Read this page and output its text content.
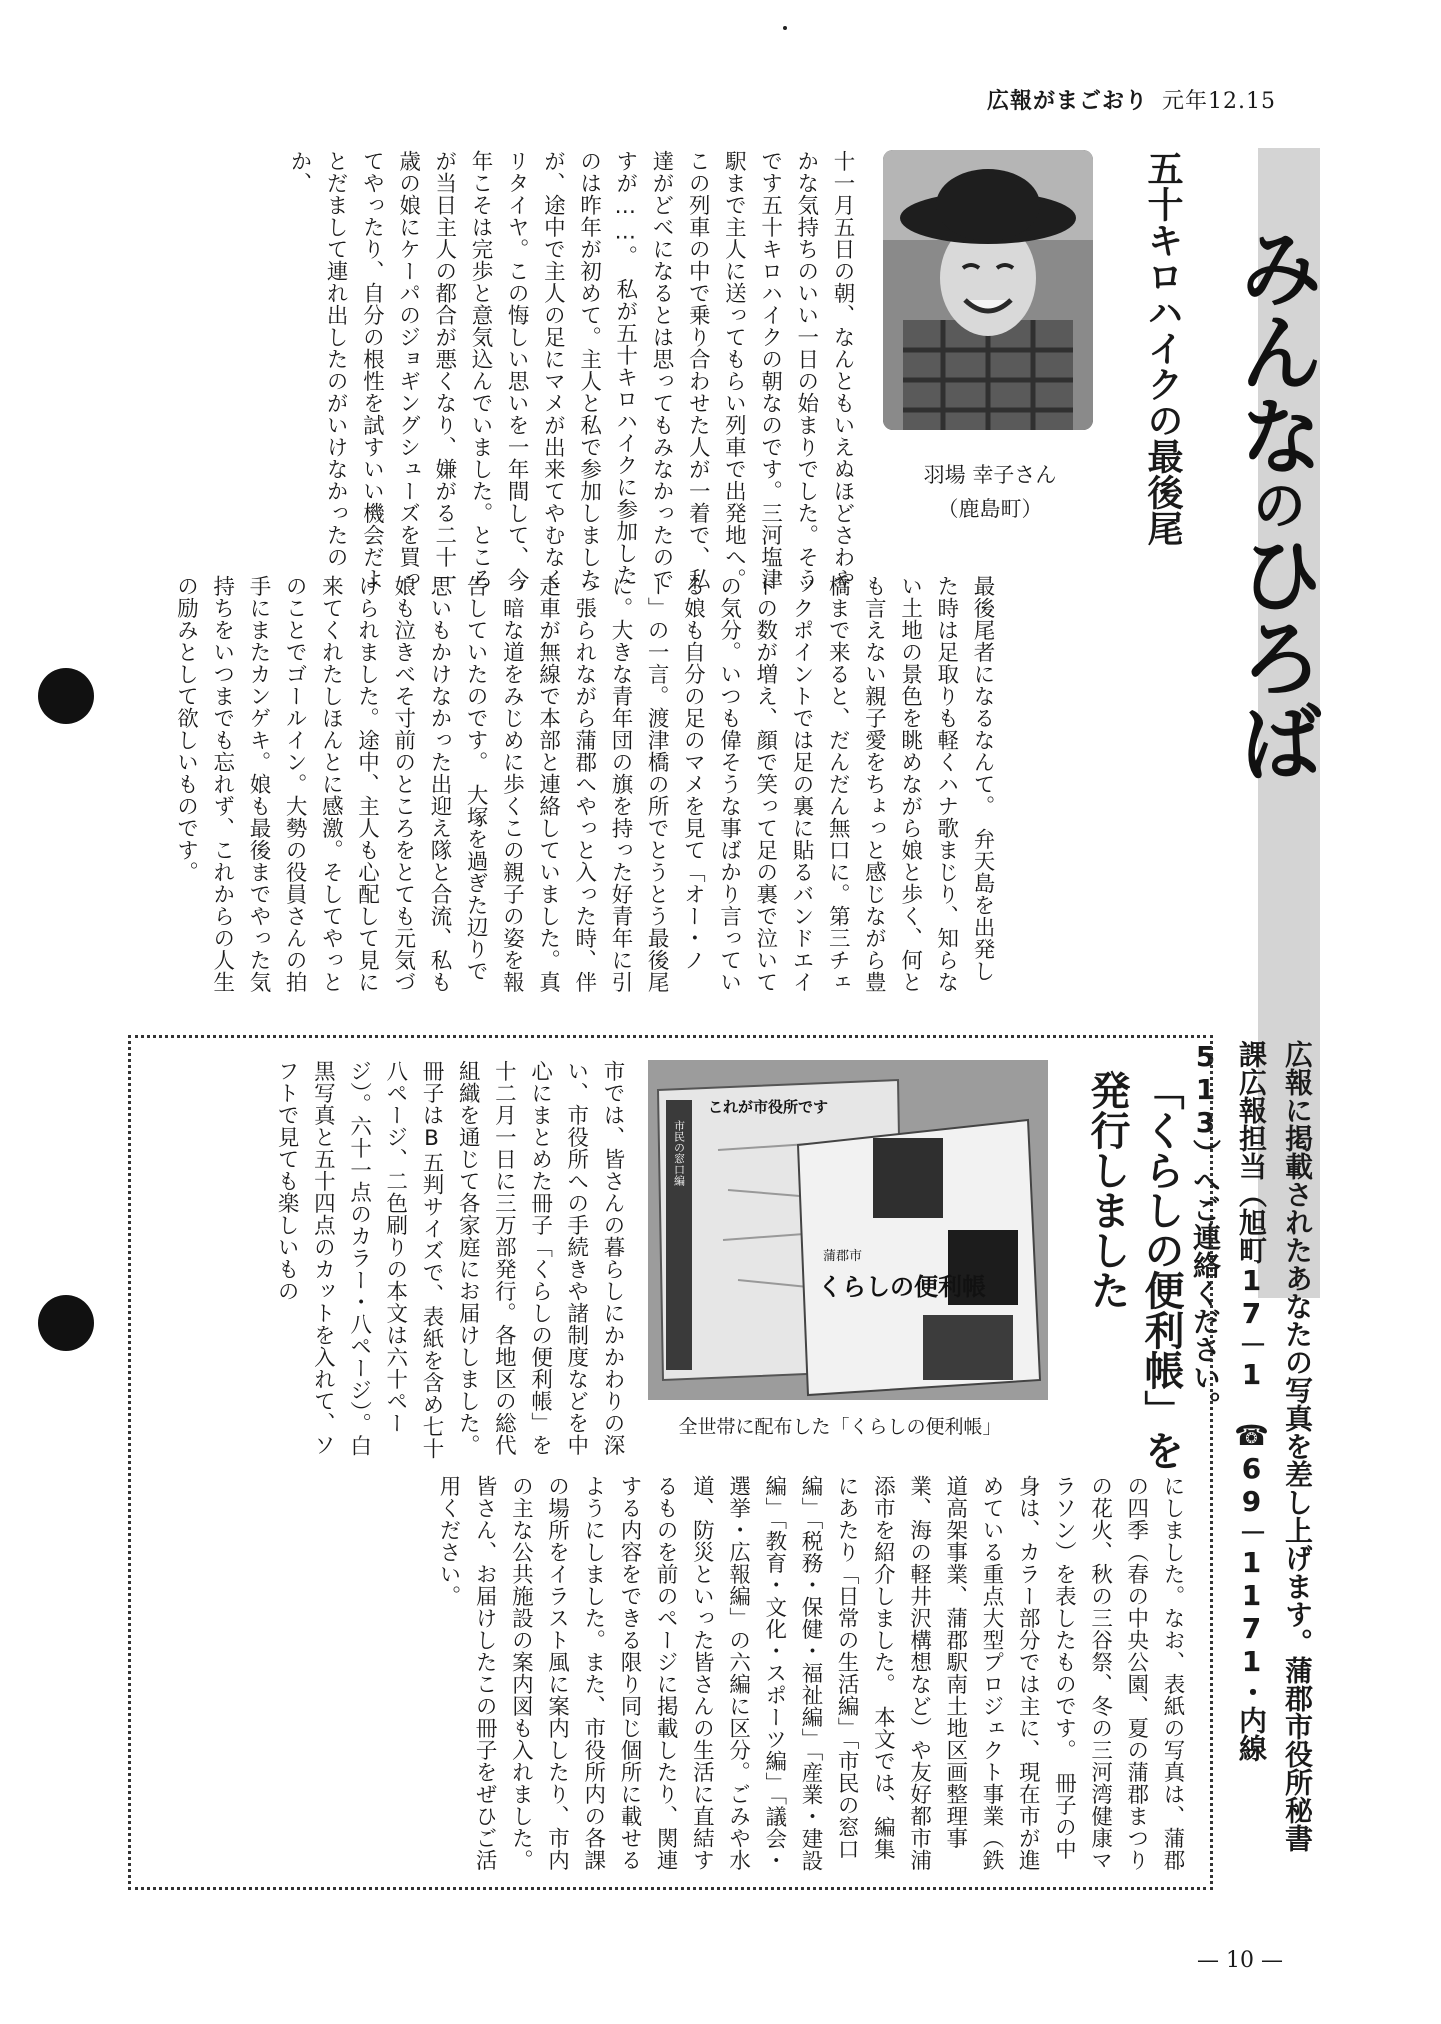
広報がまごおり 元年12.15
みんなのひろば
五十キロハイクの最後尾
羽場 幸子さん
（鹿島町）
十一月五日の朝、なんともいえぬほどさわやかな気持ちのいい一日の始まりでした。そうです五十キロハイクの朝なのです。三河塩津駅まで主人に送ってもらい列車で出発地へ。この列車の中で乗り合わせた人が一着で、私達がどべになるとは思ってもみなかったのですが……。　私が五十キロハイクに参加したのは昨年が初めて。主人と私で参加しましたが、途中で主人の足にマメが出来てやむなくリタイヤ。この悔しい思いを一年間して、今年こそは完歩と意気込んでいました。ところが当日主人の都合が悪くなり、嫌がる二十一歳の娘にケーパのジョギングシューズを買ってやったり、自分の根性を試すいい機会だよとだまして連れ出したのがいけなかったのか、
最後尾者になるなんて。　弁天島を出発した時は足取りも軽くハナ歌まじり、知らない土地の景色を眺めながら娘と歩く、何とも言えない親子愛をちょっと感じながら豊橋まで来ると、だんだん無口に。第三チェックポイントでは足の裏に貼るバンドエイドの数が増え、顔で笑って足の裏で泣いての気分。いつも偉そうな事ばかり言っている娘も自分の足のマメを見て「オー・ノー」の一言。渡津橋の所でとうとう最後尾に。大きな青年団の旗を持った好青年に引っ張られながら蒲郡へやっと入った時、伴走車が無線で本部と連絡していました。真っ暗な道をみじめに歩くこの親子の姿を報告していたのです。　大塚を過ぎた辺りで思いもかけなかった出迎え隊と合流、私も娘も泣きべそ寸前のところをとても元気づけられました。途中、主人も心配して見に来てくれたしほんとに感激。そしてやっとのことでゴールイン。大勢の役員さんの拍手にまたカンゲキ。娘も最後までやった気持ちをいつまでも忘れず、これからの人生の励みとして欲しいものです。
広報に掲載されたあなたの写真を差し上げます。蒲郡市役所秘書課広報担当（旭町17－1　☎69－1171・内線513）へご連絡ください。
「くらしの便利帳」を発行しました
市民の窓口編
これが市役所です
蒲郡市
くらしの便利帳
全世帯に配布した「くらしの便利帳」
市では、皆さんの暮らしにかかわりの深い、市役所への手続きや諸制度などを中心にまとめた冊子「くらしの便利帳」を十二月一日に三万部発行。各地区の総代組織を通じて各家庭にお届けしました。　冊子はB五判サイズで、表紙を含め七十八ページ、二色刷りの本文は六十ページ）。六十一点のカラー・八ページ）。白黒写真と五十四点のカットを入れて、ソフトで見ても楽しいもの
にしました。なお、表紙の写真は、蒲郡の四季（春の中央公園、夏の蒲郡まつりの花火、秋の三谷祭、冬の三河湾健康マラソン）を表したものです。　冊子の中身は、カラー部分では主に、現在市が進めている重点大型プロジェクト事業（鉄道高架事業、蒲郡駅南土地区画整理事業、海の軽井沢構想など）や友好都市浦添市を紹介しました。　本文では、編集にあたり「日常の生活編」「市民の窓口編」「税務・保健・福祉編」「産業・建設編」「教育・文化・スポーツ編」「議会・選挙・広報編」の六編に区分。ごみや水道、防災といった皆さんの生活に直結するものを前のページに掲載したり、関連する内容をできる限り同じ個所に載せるようにしました。また、市役所内の各課の場所をイラスト風に案内したり、市内の主な公共施設の案内図も入れました。　皆さん、お届けしたこの冊子をぜひご活用ください。
— 10 —
